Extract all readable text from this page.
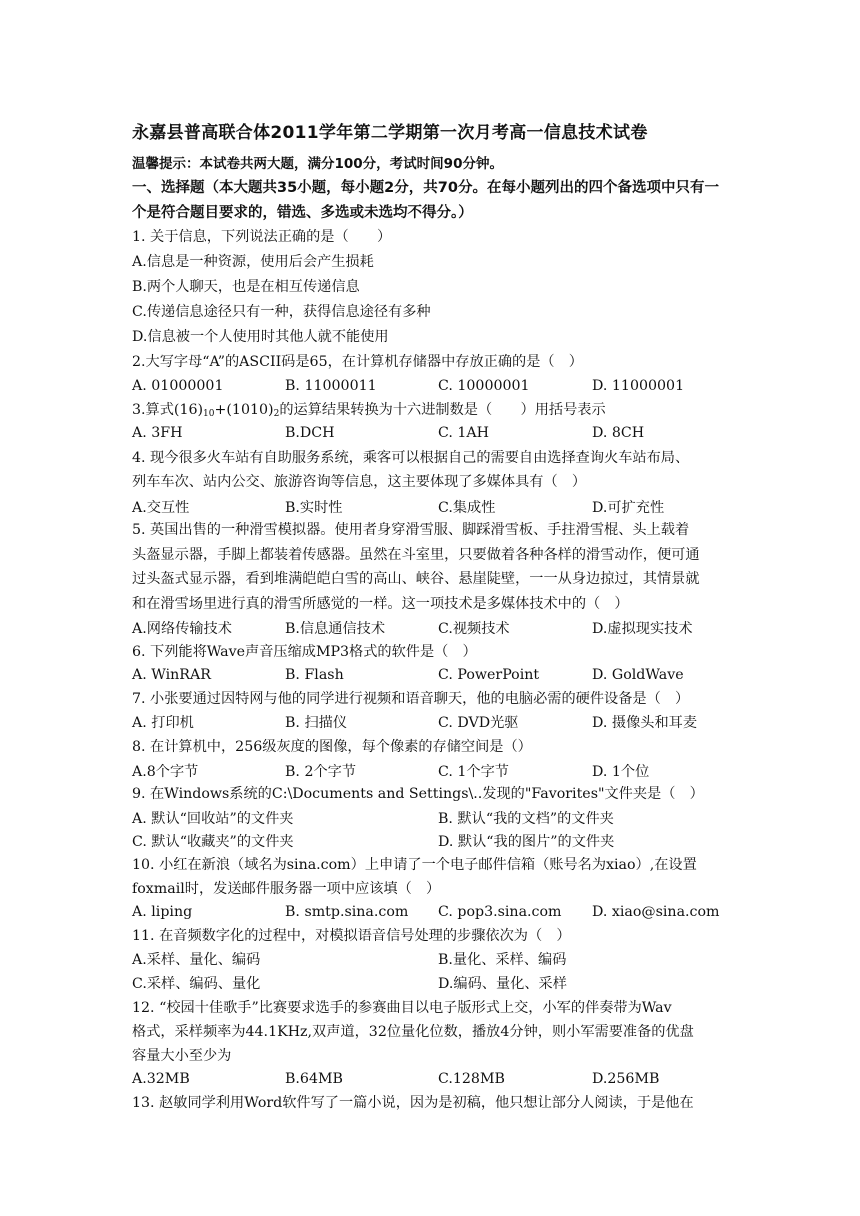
永嘉县普高联合体2011学年第二学期第一次月考高一信息技术试卷
温馨提示：本试卷共两大题，满分100分，考试时间90分钟。
一、选择题（本大题共35小题，每小题2分，共70分。在每小题列出的四个备选项中只有一个是符合题目要求的，错选、多选或未选均不得分。）
1. 关于信息，下列说法正确的是（　　）
A.信息是一种资源，使用后会产生损耗
B.两个人聊天，也是在相互传递信息
C.传递信息途径只有一种，获得信息途径有多种
D.信息被一个人使用时其他人就不能使用
2.大写字母“A”的ASCII码是65，在计算机存储器中存放正确的是（　）
A. 01000001	B. 11000011	C. 10000001	D. 11000001
3.算式$(16)_{10}+(1010)_2$的运算结果转换为十六进制数是（　　）用括号表示
A. 3FH	B.DCH	C. 1AH	D. 8CH
4. 现今很多火车站有自助服务系统，乘客可以根据自己的需要自由选择查询火车站布局、
列车车次、站内公交、旅游咨询等信息，这主要体现了多媒体具有（　）
A.交互性	B.实时性	C.集成性	D.可扩充性
5. 英国出售的一种滑雪模拟器。使用者身穿滑雪服、脚踩滑雪板、手拄滑雪棍、头上载着
头盔显示器，手脚上都装着传感器。虽然在斗室里，只要做着各种各样的滑雪动作，便可通
过头盔式显示器，看到堆满皑皑白雪的高山、峡谷、悬崖陡壁，一一从身边掠过，其情景就
和在滑雪场里进行真的滑雪所感觉的一样。这一项技术是多媒体技术中的（　）
A.网络传输技术	B.信息通信技术	C.视频技术	D.虚拟现实技术
6. 下列能将Wave声音压缩成MP3格式的软件是（　）
A. WinRAR	B. Flash	C. PowerPoint	D. GoldWave
7. 小张要通过因特网与他的同学进行视频和语音聊天，他的电脑必需的硬件设备是（　）
A. 打印机	B. 扫描仪	C. DVD光驱	D. 摄像头和耳麦
8. 在计算机中，256级灰度的图像，每个像素的存储空间是（）
A.8个字节	B. 2个字节	C. 1个字节	D. 1个位
9. 在Windows系统的C:\Documents and Settings\..发现的"Favorites"文件夹是（　）
A. 默认“回收站”的文件夹	B. 默认“我的文档”的文件夹
C. 默认“收藏夹”的文件夹	D. 默认“我的图片”的文件夹
10. 小红在新浪（域名为sina.com）上申请了一个电子邮件信箱（账号名为xiao）,在设置
foxmail时，发送邮件服务器一项中应该填（　）
A. liping	B. smtp.sina.com C. pop3.sina.com D. xiao@sina.com
11. 在音频数字化的过程中，对模拟语音信号处理的步骤依次为（　）
A.采样、量化、编码	B.量化、采样、编码
C.采样、编码、量化	D.编码、量化、采样
12. “校园十佳歌手”比赛要求选手的参赛曲目以电子版形式上交，小军的伴奏带为Wav
格式，采样频率为44.1KHz,双声道，32位量化位数，播放4分钟，则小军需要准备的优盘
容量大小至少为
A.32MB	B.64MB	C.128MB	D.256MB
13. 赵敏同学利用Word软件写了一篇小说，因为是初稿，他只想让部分人阅读，于是他在
